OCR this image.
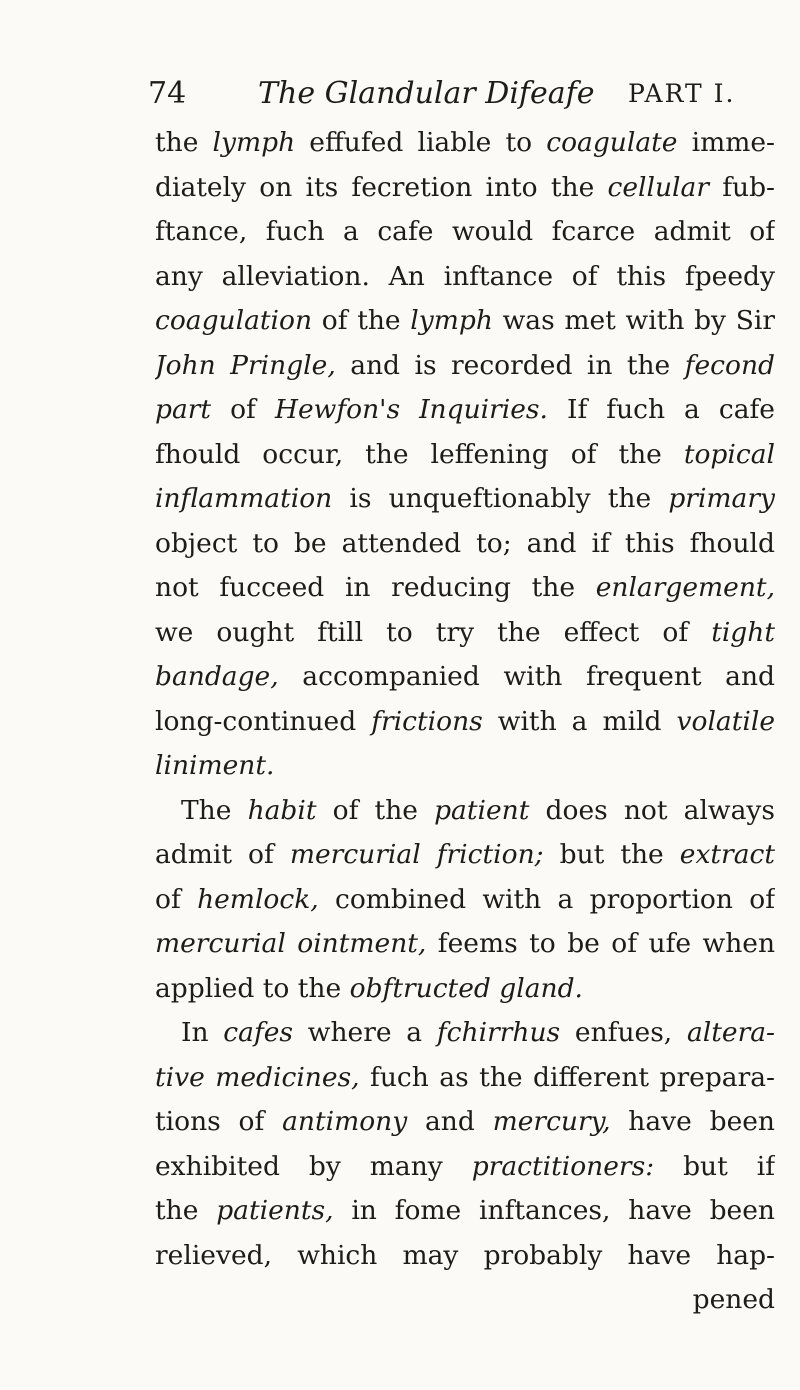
74 The Glandular Difeafe PART I.
the lymph effufed liable to coagulate imme-
diately on its fecretion into the cellular fub-
ftance, fuch a cafe would fcarce admit of
any alleviation. An inftance of this fpeedy
coagulation of the lymph was met with by Sir
John Pringle, and is recorded in the fecond
part of Hewfon's Inquiries. If fuch a cafe
fhould occur, the leffening of the topical
inflammation is unqueftionably the primary
object to be attended to; and if this fhould
not fucceed in reducing the enlargement,
we ought ftill to try the effect of tight
bandage, accompanied with frequent and
long-continued frictions with a mild volatile
liniment.
The habit of the patient does not always
admit of mercurial friction; but the extract
of hemlock, combined with a proportion of
mercurial ointment, feems to be of ufe when
applied to the obftructed gland.
In cafes where a fchirrhus enfues, altera-
tive medicines, fuch as the different prepara-
tions of antimony and mercury, have been
exhibited by many practitioners: but if
the patients, in fome inftances, have been
relieved, which may probably have hap-
pened
